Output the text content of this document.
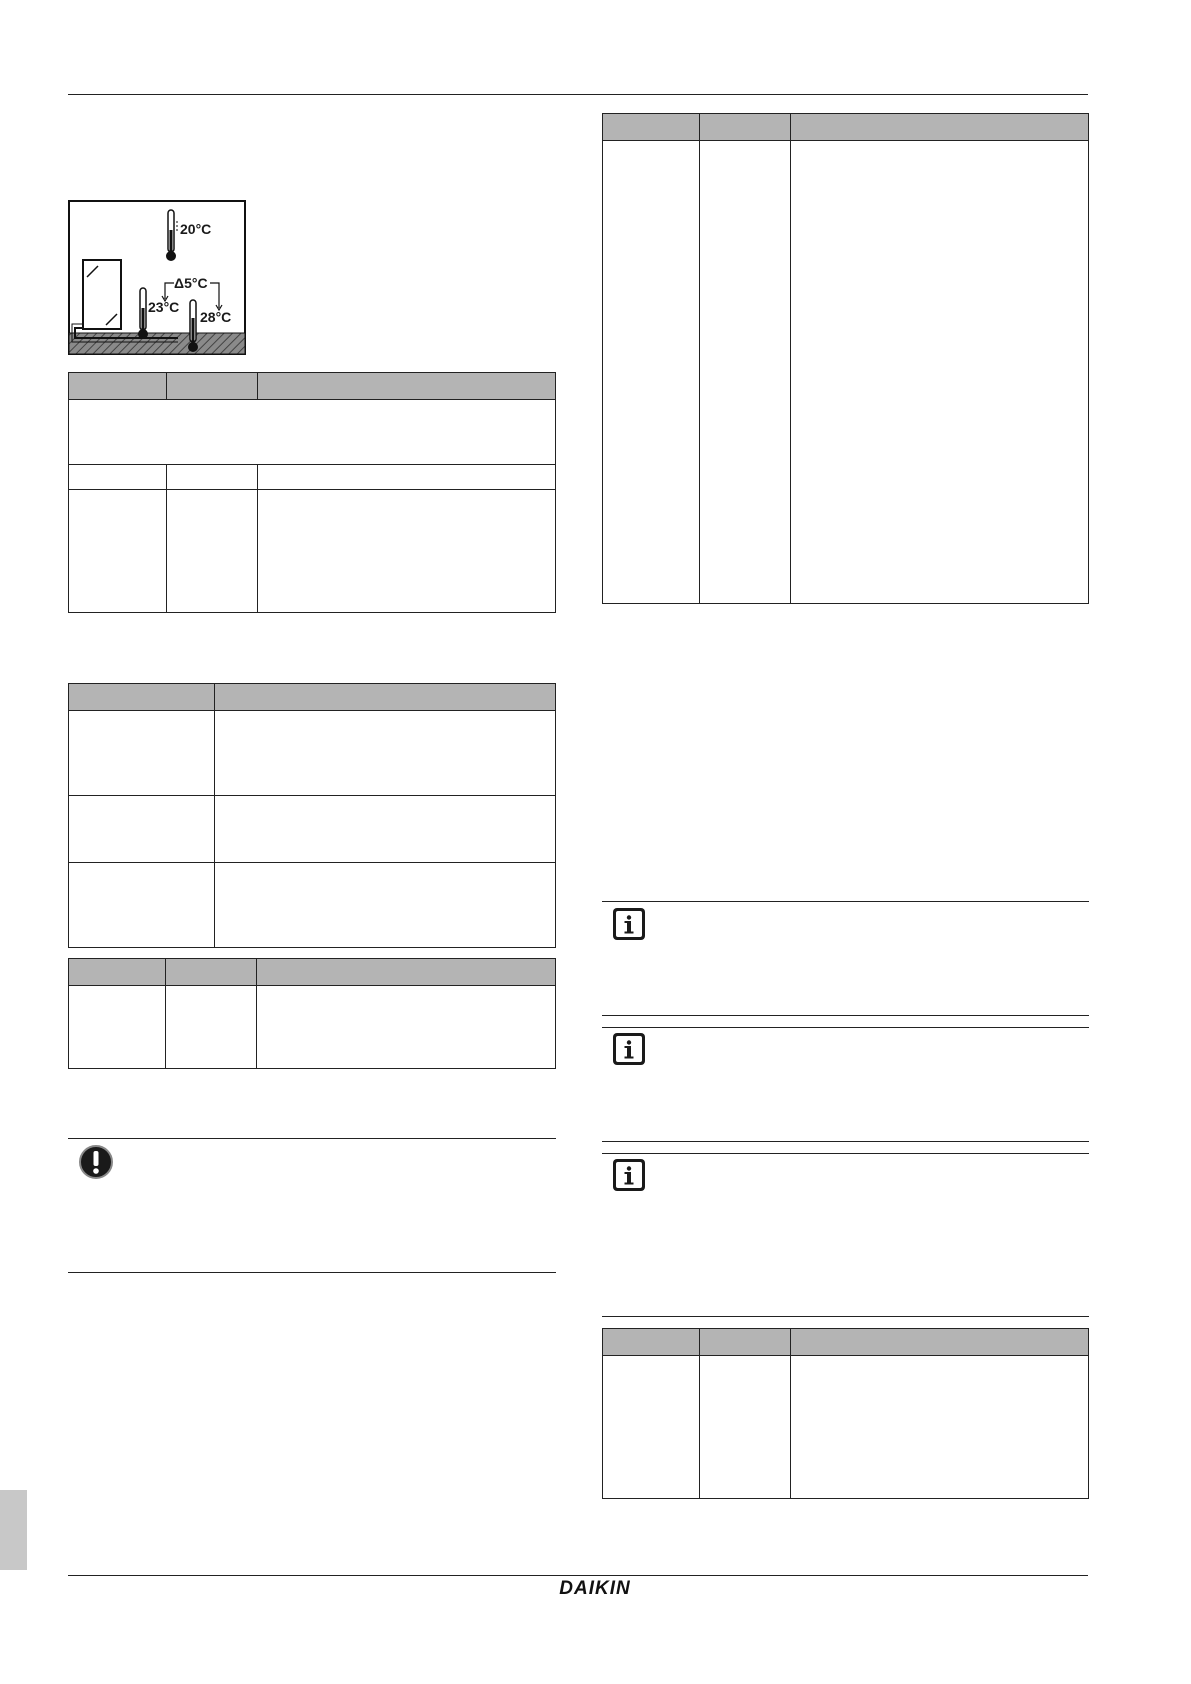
20°C
Δ5°C
23°C
28°C

DAIKIN
